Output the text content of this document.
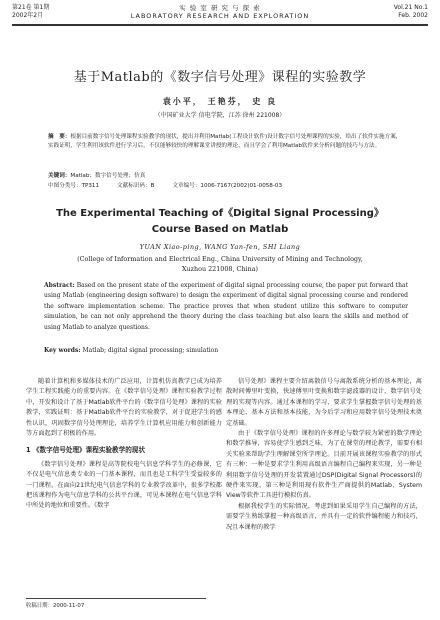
第21卷 第1期
2002年2月
实 验 室 研 究 与 探 索
LABORATORY RESEARCH AND EXPLORATION
Vol.21 No.1
Feb. 2002
基于Matlab的《数字信号处理》课程的实验教学
袁小平， 王艳芬， 史 良
（中国矿业大学 信电学院，江苏 徐州 221008）
摘　要：根据目前数字信号处理课程实验教学的现状，提出并利用Matlab(工程设计软件)设计数字信号处理课程的实验，给出了软件实施方案，实践证明，学生利用该软件进行学习后，不仅能够较快的理解课堂讲授的理论，而且学会了利用Matlab软件来分析问题的技巧与方法。
关键词：Matlab；数字信号处理；仿真
中图分类号：TP311	文献标识码：B	文章编号：1006-7167(2002)01-0058-03
The Experimental Teaching of《Digital Signal Processing》 Course Based on Matlab
YUAN Xiao-ping, WANG Yan-fen, SHI Liang
(College of Information and Electrical Eng., China University of Mining and Technology, Xuzhou 221008, China)
Abstract: Based on the present state of the experiment of digital signal processing course, the paper put forward that using Matlab (engineering design software) to design the experiment of digital signal processing course and rendered the software implementation scheme. The practice proves that when student utilize this software to computer simulation, he can not only apprehend the theory during the class teaching but also learn the skills and method of using Matlab to analyze questions.
Key words: Matlab; digital signal processing; simulation

随着计算机和多媒体技术的广泛应用，计算机仿真教学已成为培养学生工程实践能力的重要内容。在《数字信号处理》课程实验教学过程中，开发和设计了基于Matlab软件平台的《数字信号处理》课程的实验教学，实践证明：基于Matlab软件平台的实验教学，对于促进学生的感性认识，巩固数字信号处理理论，培养学生计算机应用能力和创新能力等方面起到了积极的作用。

1 《数字信号处理》课程实验教学的现状

《数字信号处理》课程是高等院校电气信息学科学生的必修课，它不仅是电气信息类专业的一门基本课程，而且也是工科学生受益较多的一门课程。在面向21世纪电气信息学科的专业教学改革中，很多学校都把该课程作为电气信息学科的公共平台课，可见本课程在电气信息学科中所处的地位和重要性。《数字

信号处理》课程主要介绍离散信号与离散系统分析的基本理论，离散时间傅里叶变换，快速傅里叶变换和数字滤波器的设计，数字信号处理的实现等内容。通过本课程的学习，要求学生掌握数字信号处理的基本理论、基本方法和基本技能，为今后学习和应用数字信号处理技术奠定基础。

由于《数字信号处理》课程的许多理论与数学较为紧密的数学理论和数学推导，容易使学生感到乏味，为了在课堂的理论教学，需要有相关实验来帮助学生理解课堂所学理论。目前开展该课程实验教学的形式有三种：一种是要求学生利用高级语言编程自己编程来实现，另一种是利用数字信号处理的开发装置通过DSP(Digital Signal Processors)的硬件来实现，第三种是利用现有软件生产商提供的Matlab、System View等软件工具进行模拟仿真。

根据我校学生的实际情况，考虑到如果采用学生自己编程的方法，需要学生熟练掌握一种高级语言，并具有一定的软件编程能力和技巧，况且本课程的教学

收稿日期：2000-11-07
